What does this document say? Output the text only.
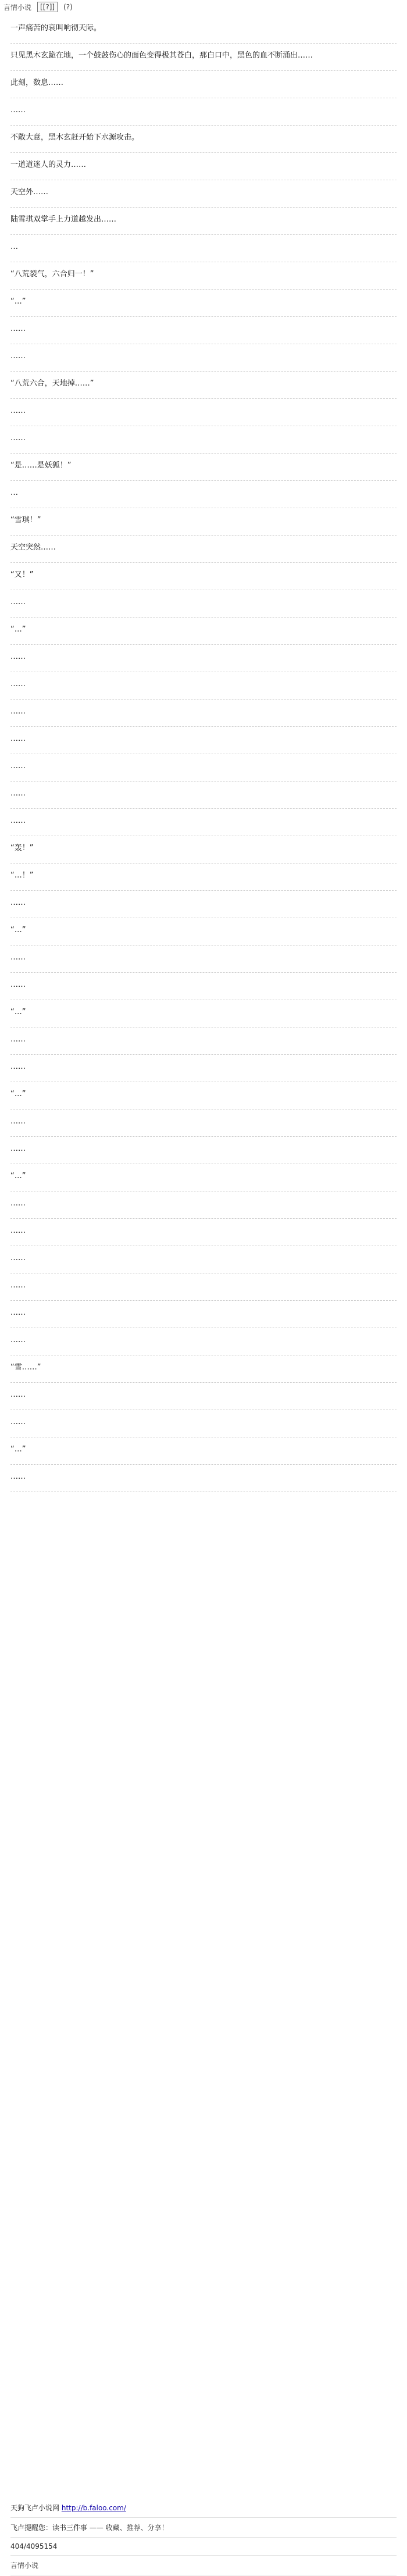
言情小说	[[?]]	(?)

一声痛苦的哀叫响彻天际。

只见黑木玄跪在地，一个鼓鼓伤心的面色变得极其苍白，那白口中，黑色的血不断涌出……

此刻，数息……

……

不敢大意，黑木玄赶开始下水源攻击。

一道道迷人的灵力……

天空外……

陆雪琪双掌手上力道越发出……

…

“八荒裂气，六合归一！”

“…”

……

……

“八荒六合，天地掉……”

……

……

“是……是妖狐！”

…

“雪琪！”

天空突然……

“又！”

……

“…”

……

……

……

……

……

……

……

“轰！”

“…！”

……

“…”

……

……

“…”

……

……

“…”

……

……

“…”

……

……

……

……

……

……

“雪……”

……

……

“…”

……

天狗飞卢小说网 http://b.faloo.com/
飞卢提醒您：读书三件事 —— 收藏、推荐、分享！
404/4095154
言情小说
